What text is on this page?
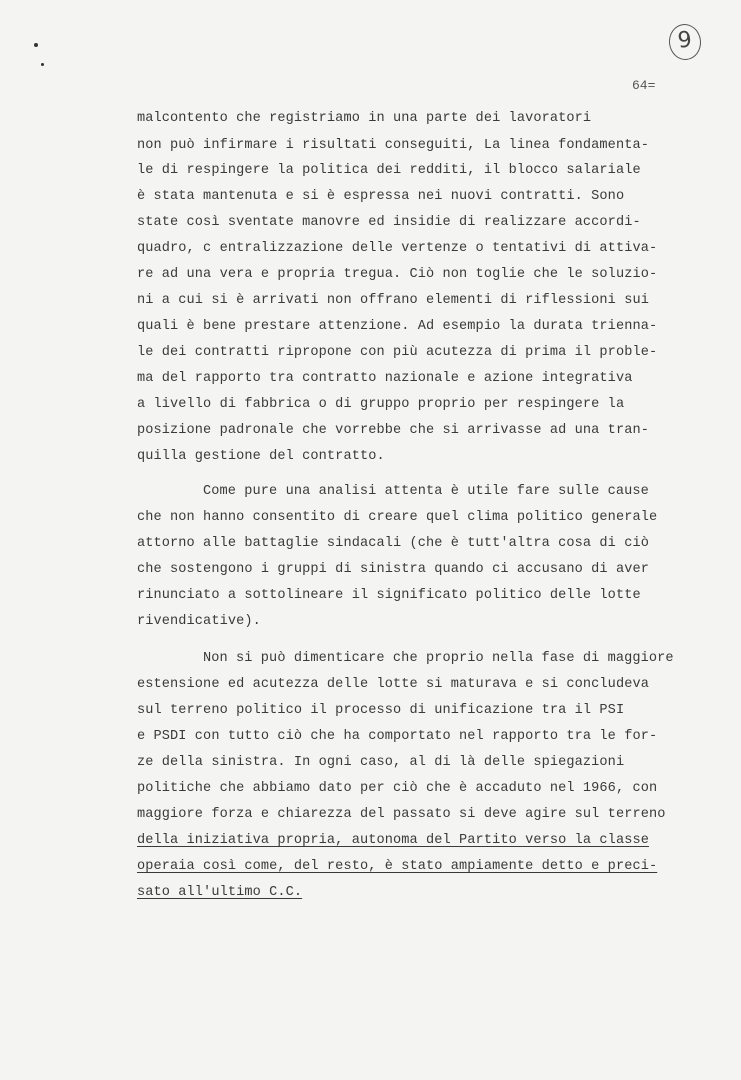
9
64=
malcontento che registriamo in una parte dei lavoratori
non può infirmare i risultati conseguiti, La linea fondamenta-
le di respingere la politica dei redditi, il blocco salariale
è stata mantenuta e si è espressa nei nuovi contratti. Sono
state così sventate manovre ed insidie di realizzare accordi-
quadro, c entralizzazione delle vertenze o tentativi di attiva-
re ad una vera e propria tregua. Ciò non toglie che le soluzio-
ni a cui si è arrivati non offrano elementi di riflessioni sui
quali è bene prestare attenzione. Ad esempio la durata trienna-
le dei contratti ripropone con più acutezza di prima il proble-
ma del rapporto tra contratto nazionale e azione integrativa
a livello di fabbrica o di gruppo proprio per respingere la
posizione padronale che vorrebbe che si arrivasse ad una tran-
quilla gestione del contratto.
Come pure una analisi attenta è utile fare sulle cause
che non hanno consentito di creare quel clima politico generale
attorno alle battaglie sindacali (che è tutt'altra cosa di ciò
che sostengono i gruppi di sinistra quando ci accusano di aver
rinunciato a sottolineare il significato politico delle lotte
rivendicative).
Non si può dimenticare che proprio nella fase di maggiore
estensione ed acutezza delle lotte si maturava e si concludeva
sul terreno politico il processo di unificazione tra il PSI
e PSDI con tutto ciò che ha comportato nel rapporto tra le for-
ze della sinistra. In ogni caso, al di là delle spiegazioni
politiche che abbiamo dato per ciò che è accaduto nel 1966, con
maggiore forza e chiarezza del passato si deve agire sul terreno
della iniziativa propria, autonoma del Partito verso la classe
operaia così come, del resto, è stato ampiamente detto e preci-
sato all'ultimo C.C.
